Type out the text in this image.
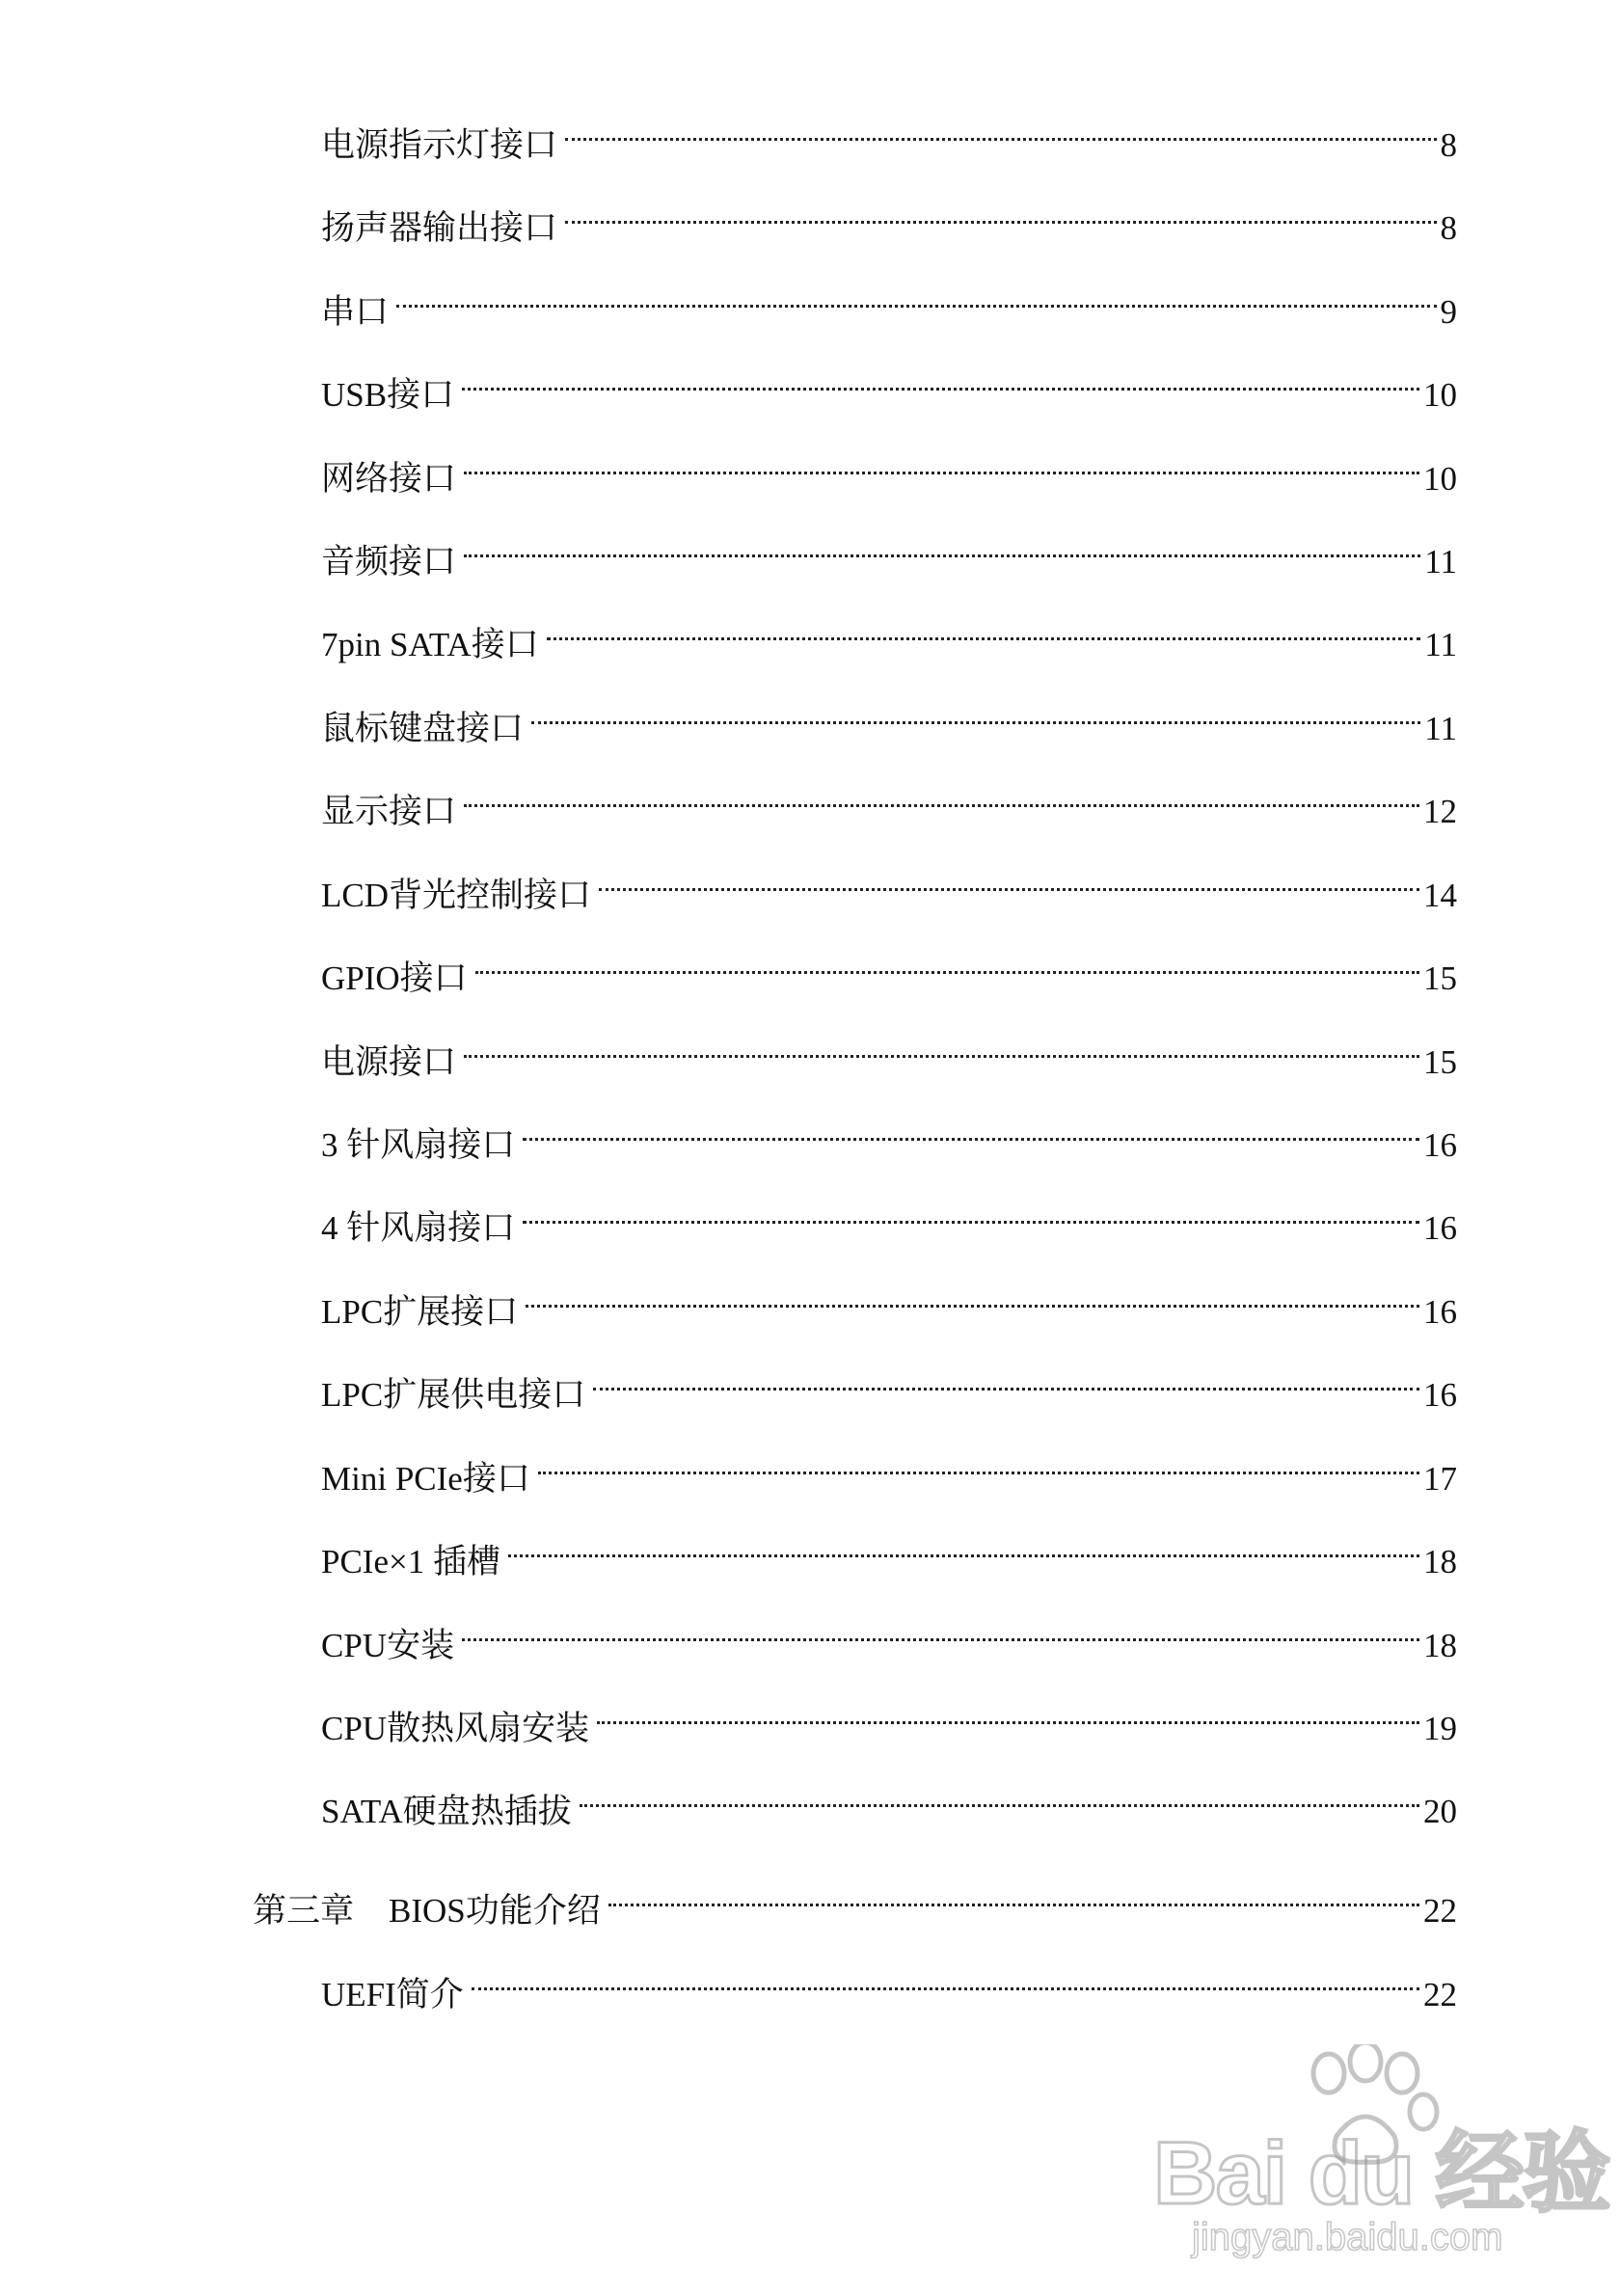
电源指示灯接口	8
扬声器输出接口	8
串口	9
USB接口	10
网络接口	10
音频接口	11
7pin SATA接口	11
鼠标键盘接口	11
显示接口	12
LCD背光控制接口	14
GPIO接口	15
电源接口	15
3 针风扇接口	16
4 针风扇接口	16
LPC扩展接口	16
LPC扩展供电接口	16
Mini PCIe接口	17
PCIe×1 插槽	18
CPU安装	18
CPU散热风扇安装	19
SATA硬盘热插拔	20
第三章	BIOS功能介绍	22
UEFI简介	22
Bai du 经验
jingyan.baidu.com
